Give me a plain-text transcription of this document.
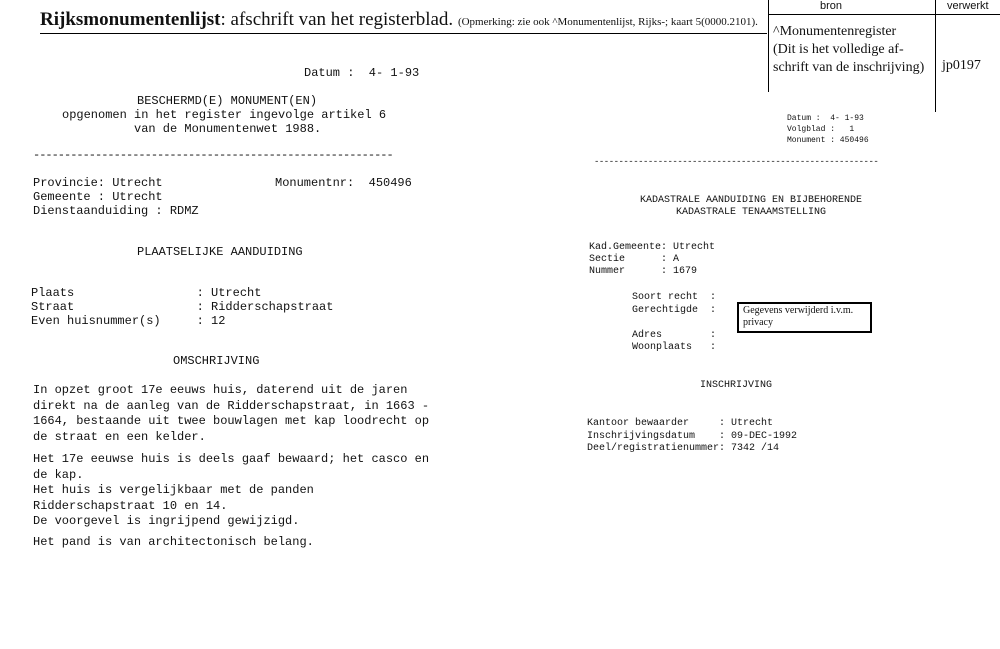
Rijksmonumentenlijst: afschrift van het registerblad. (Opmerking: zie ook ^Monumentenlijst, Rijks-; kaart 5(0000.2101).
bron	verwerkt
^Monumentenregister
(Dit is het volledige af-
schrift van de inschrijving) jp0197
Datum :  4- 1-93
BESCHERMD(E) MONUMENT(EN)
opgenomen in het register ingevolge artikel 6
van de Monumentenwet 1988.
----------------------------------------------------------
Provincie: Utrecht	Monumentnr:  450496
Gemeente : Utrecht
Dienstaanduiding : RDMZ
PLAATSELIJKE AANDUIDING
Plaats                 : Utrecht
Straat                 : Ridderschapstraat
Even huisnummer(s)     : 12
OMSCHRIJVING
In opzet groot 17e eeuws huis, daterend uit de jaren
direkt na de aanleg van de Ridderschapstraat, in 1663 -
1664, bestaande uit twee bouwlagen met kap loodrecht op
de straat en een kelder.
Het 17e eeuwse huis is deels gaaf bewaard; het casco en
de kap.
Het huis is vergelijkbaar met de panden
Ridderschapstraat 10 en 14.
De voorgevel is ingrijpend gewijzigd.
Het pand is van architectonisch belang.
Datum :  4- 1-93
Volgblad :   1
Monument : 450496
----------------------------------------------------------
KADASTRALE AANDUIDING EN BIJBEHORENDE
KADASTRALE TENAAMSTELLING
Kad.Gemeente: Utrecht
Sectie      : A
Nummer      : 1679
Soort recht  :
Gerechtigde  :

Adres        :
Woonplaats   :
Gegevens verwijderd i.v.m.
privacy
INSCHRIJVING
Kantoor bewaarder     : Utrecht
Inschrijvingsdatum    : 09-DEC-1992
Deel/registratienummer: 7342 /14
